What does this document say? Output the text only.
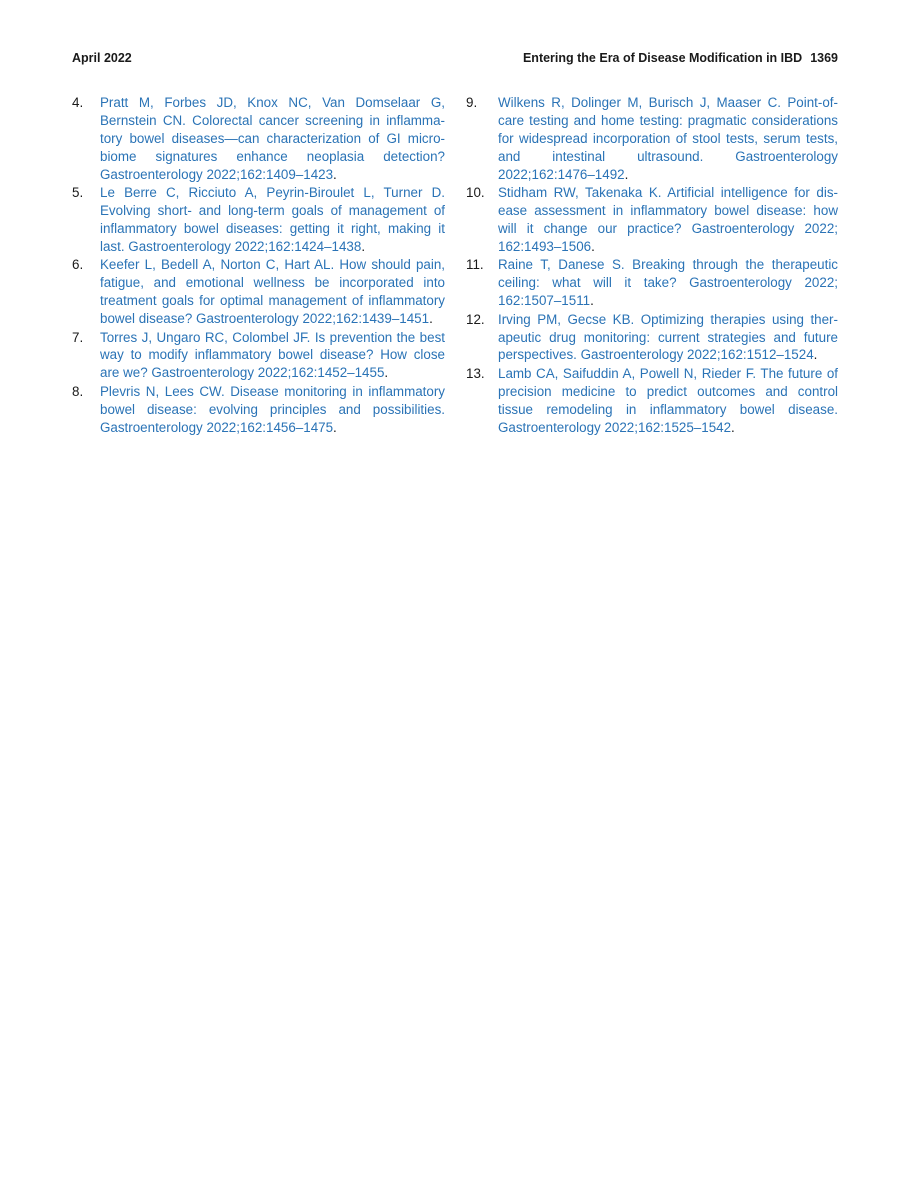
April 2022	Entering the Era of Disease Modification in IBD 1369
4. Pratt M, Forbes JD, Knox NC, Van Domselaar G, Bernstein CN. Colorectal cancer screening in inflammatory bowel diseases—can characterization of GI microbiome signatures enhance neoplasia detection? Gastroenterology 2022;162:1409–1423.
5. Le Berre C, Ricciuto A, Peyrin-Biroulet L, Turner D. Evolving short- and long-term goals of management of inflammatory bowel diseases: getting it right, making it last. Gastroenterology 2022;162:1424–1438.
6. Keefer L, Bedell A, Norton C, Hart AL. How should pain, fatigue, and emotional wellness be incorporated into treatment goals for optimal management of inflammatory bowel disease? Gastroenterology 2022;162:1439–1451.
7. Torres J, Ungaro RC, Colombel JF. Is prevention the best way to modify inflammatory bowel disease? How close are we? Gastroenterology 2022;162:1452–1455.
8. Plevris N, Lees CW. Disease monitoring in inflammatory bowel disease: evolving principles and possibilities. Gastroenterology 2022;162:1456–1475.
9. Wilkens R, Dolinger M, Burisch J, Maaser C. Point-of-care testing and home testing: pragmatic considerations for widespread incorporation of stool tests, serum tests, and intestinal ultrasound. Gastroenterology 2022;162:1476–1492.
10. Stidham RW, Takenaka K. Artificial intelligence for disease assessment in inflammatory bowel disease: how will it change our practice? Gastroenterology 2022; 162:1493–1506.
11. Raine T, Danese S. Breaking through the therapeutic ceiling: what will it take? Gastroenterology 2022; 162:1507–1511.
12. Irving PM, Gecse KB. Optimizing therapies using therapeutic drug monitoring: current strategies and future perspectives. Gastroenterology 2022;162:1512–1524.
13. Lamb CA, Saifuddin A, Powell N, Rieder F. The future of precision medicine to predict outcomes and control tissue remodeling in inflammatory bowel disease. Gastroenterology 2022;162:1525–1542.
